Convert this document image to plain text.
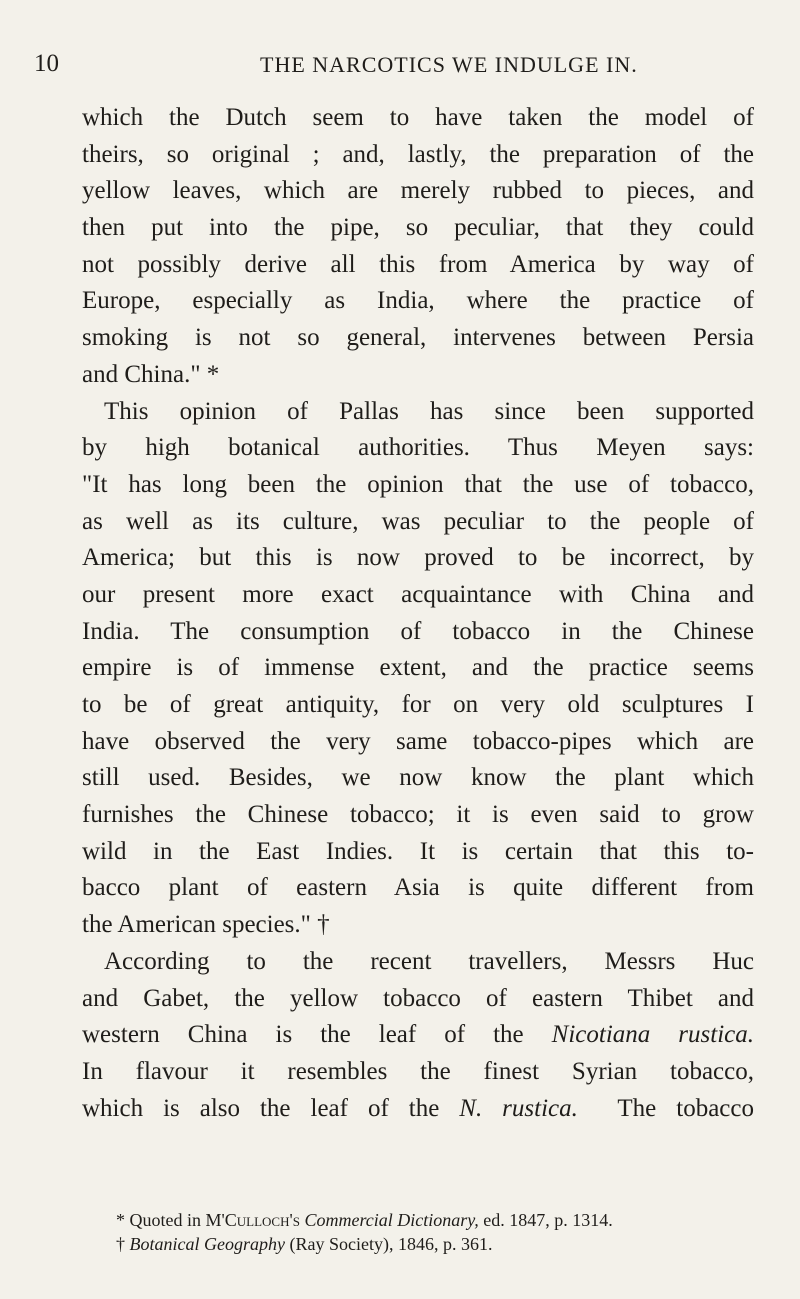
10	THE NARCOTICS WE INDULGE IN.
which the Dutch seem to have taken the model of
theirs, so original ; and, lastly, the preparation of the
yellow leaves, which are merely rubbed to pieces, and
then put into the pipe, so peculiar, that they could
not possibly derive all this from America by way of
Europe, especially as India, where the practice of
smoking is not so general, intervenes between Persia
and China." *
This opinion of Pallas has since been supported
by high botanical authorities. Thus Meyen says:
"It has long been the opinion that the use of tobacco,
as well as its culture, was peculiar to the people of
America; but this is now proved to be incorrect, by
our present more exact acquaintance with China and
India. The consumption of tobacco in the Chinese
empire is of immense extent, and the practice seems
to be of great antiquity, for on very old sculptures I
have observed the very same tobacco-pipes which are
still used. Besides, we now know the plant which
furnishes the Chinese tobacco; it is even said to grow
wild in the East Indies. It is certain that this to-
bacco plant of eastern Asia is quite different from
the American species." †
According to the recent travellers, Messrs Huc
and Gabet, the yellow tobacco of eastern Thibet and
western China is the leaf of the Nicotiana rustica.
In flavour it resembles the finest Syrian tobacco,
which is also the leaf of the N. rustica. The tobacco
* Quoted in M'Culloch's Commercial Dictionary, ed. 1847, p. 1314.
† Botanical Geography (Ray Society), 1846, p. 361.
